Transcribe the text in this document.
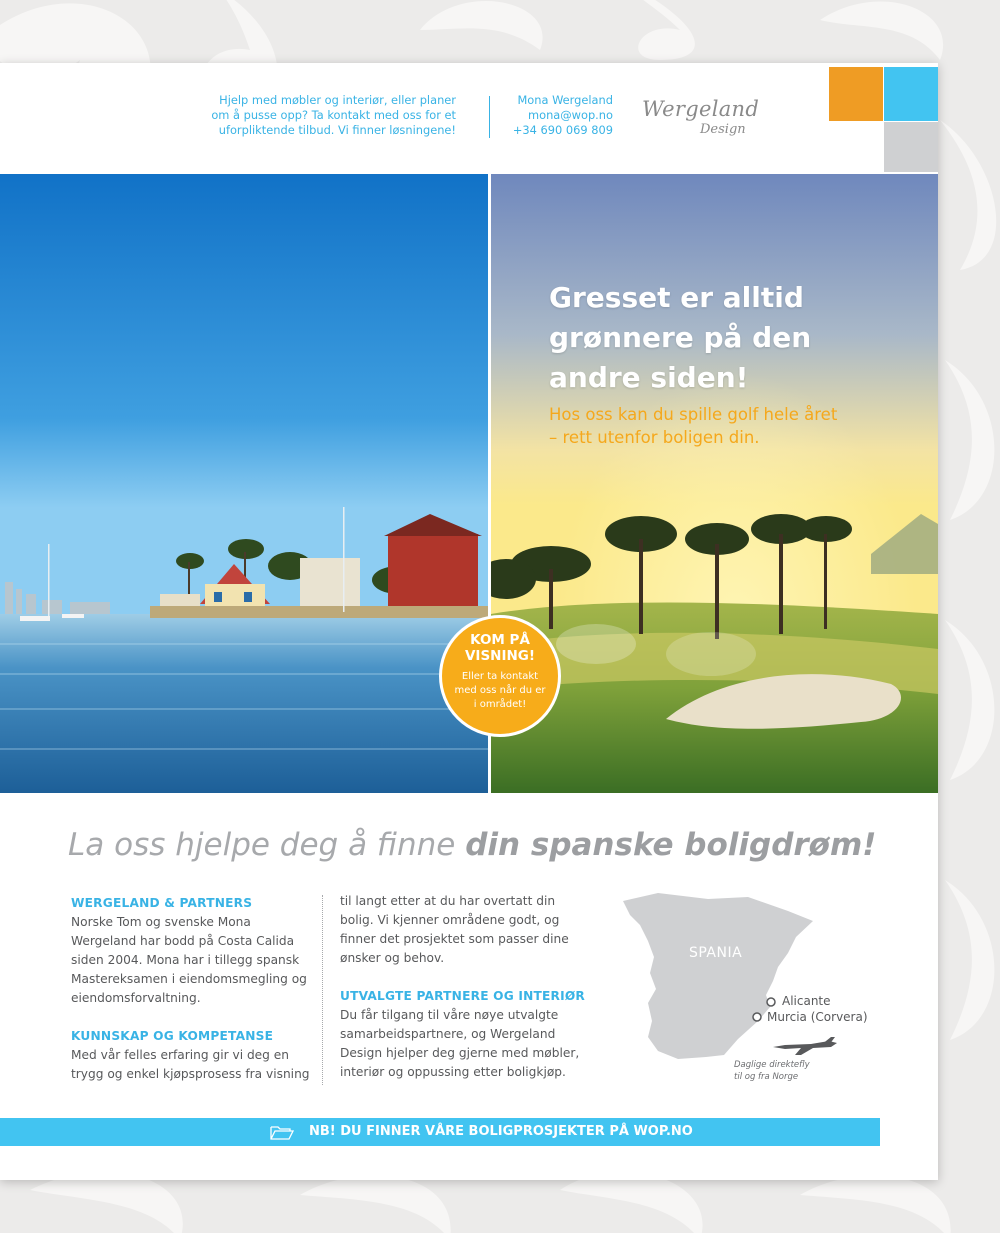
Hjelp med møbler og interiør, eller planer
om å pusse opp? Ta kontakt med oss for et
uforpliktende tilbud. Vi finner løsningene!
Mona Wergeland
mona@wop.no
+34 690 069 809
Wergeland
Design
Gresset er alltid grønnere på den andre siden!
Hos oss kan du spille golf hele året – rett utenfor boligen din.
KOM PÅ VISNING!
Eller ta kontakt med oss når du er i området!
La oss hjelpe deg å finne din spanske boligdrøm!
WERGELAND & PARTNERS

Norske Tom og svenske Mona Wergeland har bodd på Costa Calida siden 2004. Mona har i tillegg spansk Mastereksamen i eiendomsmegling og eiendomsforvaltning.

KUNNSKAP OG KOMPETANSE

Med vår felles erfaring gir vi deg en trygg og enkel kjøpsprosess fra visning

til langt etter at du har overtatt din bolig. Vi kjenner områdene godt, og finner det prosjektet som passer dine ønsker og behov.

UTVALGTE PARTNERE OG INTERIØR

Du får tilgang til våre nøye utvalgte samarbeidspartnere, og Wergeland Design hjelper deg gjerne med møbler, interiør og oppussing etter boligkjøp.

SPANIA
Alicante
Murcia (Corvera)
Daglige direktefly
til og fra Norge
NB! DU FINNER VÅRE BOLIGPROSJEKTER PÅ WOP.NO
